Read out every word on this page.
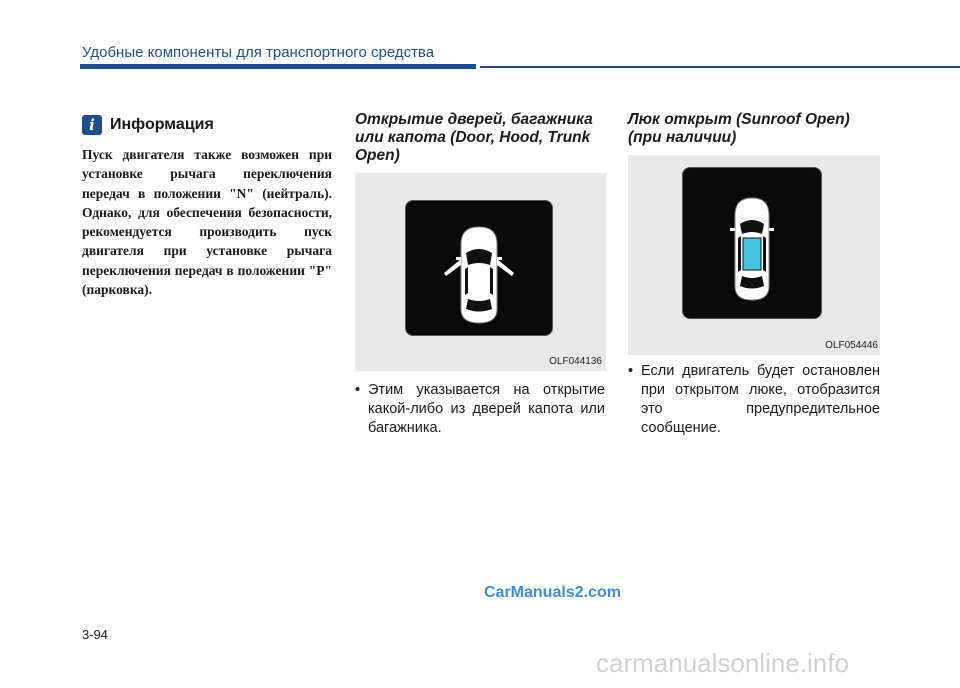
Удобные компоненты для транспортного средства
i Информация
Пуск двигателя также возможен при установке рычага переключения передач в положении "N" (нейтраль). Однако, для обеспечения безопасности, рекомендуется производить пуск двигателя при установке рычага переключения передач в положении "P" (парковка).
Открытие дверей, багажника или капота (Door, Hood, Trunk Open)
OLF044136
• Этим указывается на открытие какой-либо из дверей капота или багажника.
Люк открыт (Sunroof Open) (при наличии)
OLF054446
• Если двигатель будет остановлен при открытом люке, отобразится это предупредительное сообщение.
CarManuals2.com
3-94
carmanualsonline.info
